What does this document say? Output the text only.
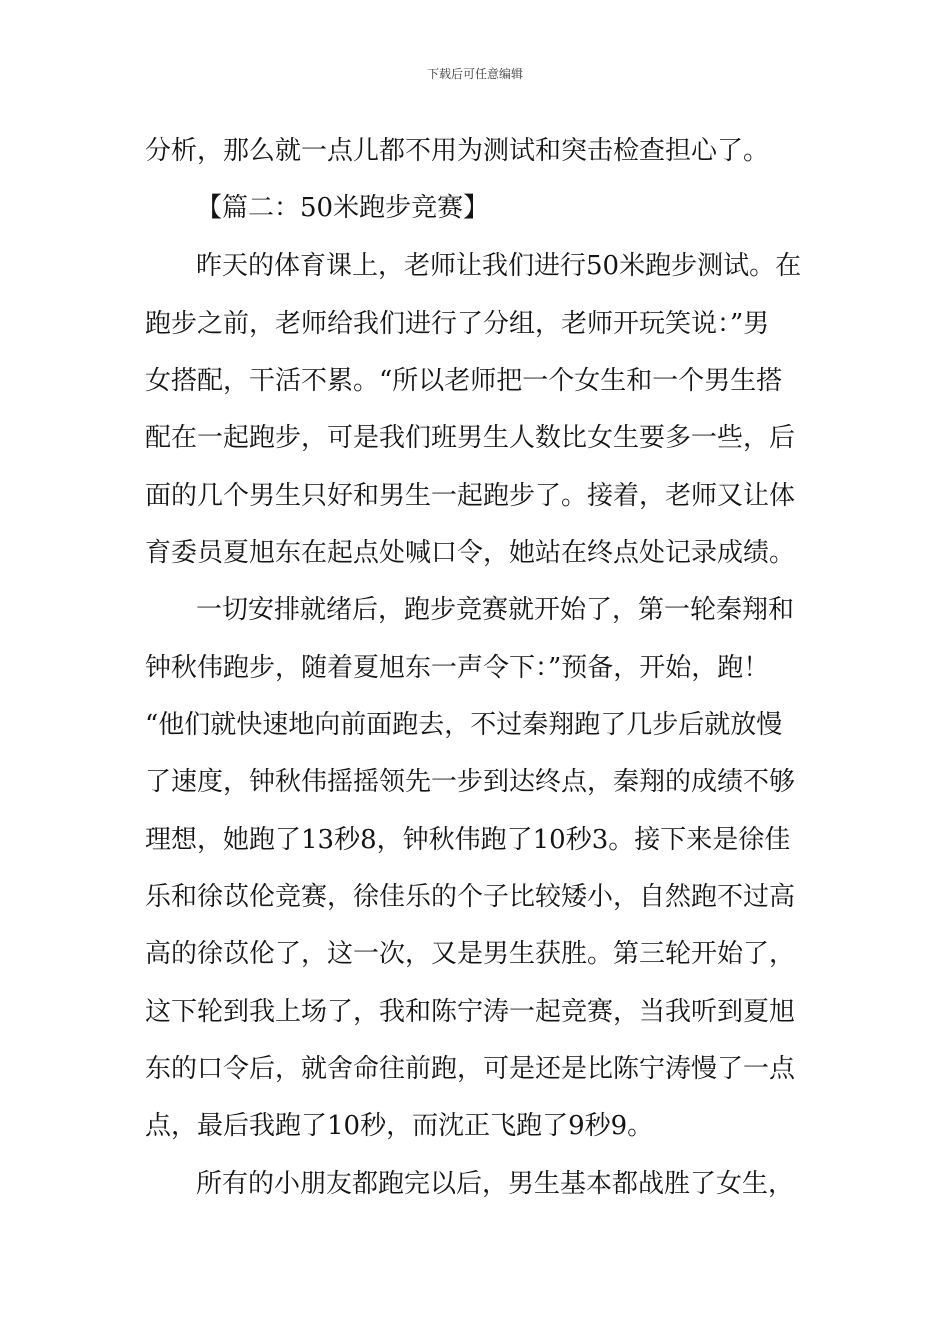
下载后可任意编辑
分析，那么就一点儿都不用为测试和突击检查担心了。
【篇二：50米跑步竞赛】
昨天的体育课上，老师让我们进行50米跑步测试。在
跑步之前，老师给我们进行了分组，老师开玩笑说：”男
女搭配，干活不累。“所以老师把一个女生和一个男生搭
配在一起跑步，可是我们班男生人数比女生要多一些，后
面的几个男生只好和男生一起跑步了。接着，老师又让体
育委员夏旭东在起点处喊口令，她站在终点处记录成绩。
一切安排就绪后，跑步竞赛就开始了，第一轮秦翔和
钟秋伟跑步，随着夏旭东一声令下：”预备，开始，跑！
“他们就快速地向前面跑去，不过秦翔跑了几步后就放慢
了速度，钟秋伟摇摇领先一步到达终点，秦翔的成绩不够
理想，她跑了13秒8，钟秋伟跑了10秒3。接下来是徐佳
乐和徐苡伦竞赛，徐佳乐的个子比较矮小，自然跑不过高
高的徐苡伦了，这一次，又是男生获胜。第三轮开始了，
这下轮到我上场了，我和陈宁涛一起竞赛，当我听到夏旭
东的口令后，就舍命往前跑，可是还是比陈宁涛慢了一点
点，最后我跑了10秒，而沈正飞跑了9秒9。
所有的小朋友都跑完以后，男生基本都战胜了女生，
